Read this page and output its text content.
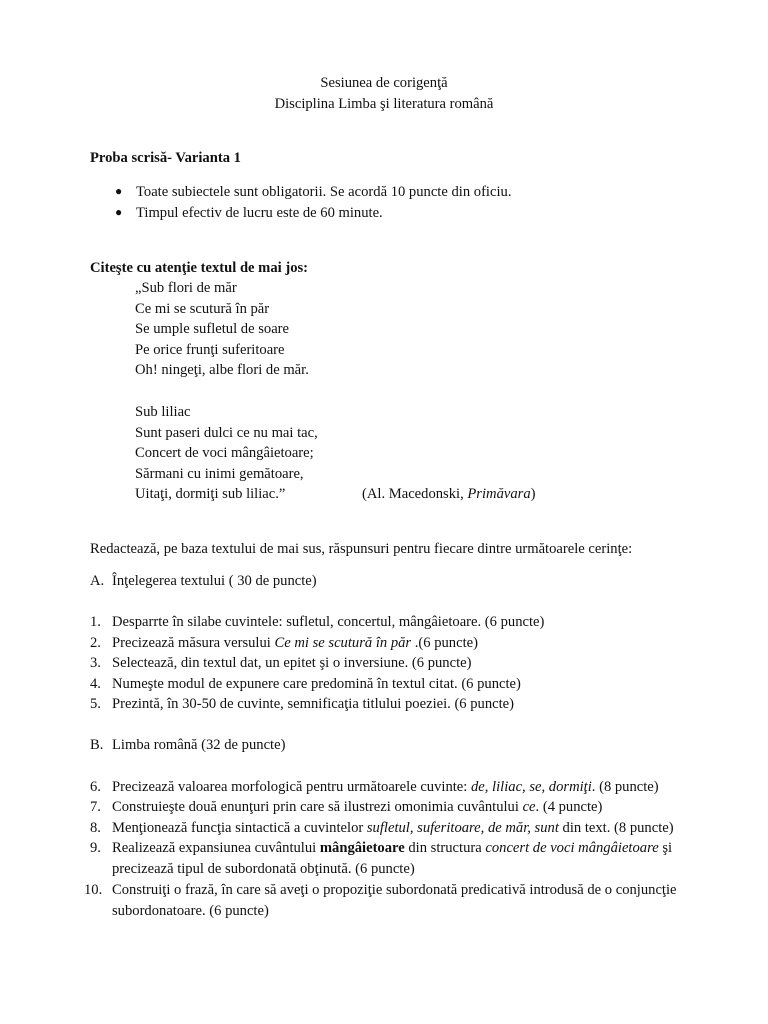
Sesiunea de corigenţă
Disciplina Limba şi literatura română
Proba scrisă- Varianta 1
● Toate subiectele sunt obligatorii. Se acordă 10 puncte din oficiu.
● Timpul efectiv de lucru este de 60 minute.
Citeşte cu atenţie textul de mai jos:
„Sub flori de măr
Ce mi se scutură în păr
Se umple sufletul de soare
Pe orice frunţi suferitoare
Oh! ningeţi, albe flori de măr.
Sub liliac
Sunt paseri dulci ce nu mai tac,
Concert de voci mângâietoare;
Sărmani cu inimi gemătoare,
Uitaţi, dormiţi sub liliac.”	(Al. Macedonski, Primăvara)
Redactează, pe baza textului de mai sus, răspunsuri pentru fiecare dintre următoarele cerinţe:
A. Înţelegerea textului ( 30 de puncte)
1. Desparrte în silabe cuvintele: sufletul, concertul, mângâietoare. (6 puncte)
2. Precizează măsura versului Ce mi se scutură în păr .(6 puncte)
3. Selectează, din textul dat, un epitet şi o inversiune. (6 puncte)
4. Numeşte modul de expunere care predomină în textul citat. (6 puncte)
5. Prezintă, în 30-50 de cuvinte, semnificaţia titlului poeziei. (6 puncte)
B. Limba română (32 de puncte)
6. Precizează valoarea morfologică pentru următoarele cuvinte: de, liliac, se, dormiţi. (8 puncte)
7. Construieşte două enunţuri prin care să ilustrezi omonimia cuvântului ce. (4 puncte)
8. Menţionează funcţia sintactică a cuvintelor sufletul, suferitoare, de măr, sunt din text. (8 puncte)
9. Realizează expansiunea cuvântului mângâietoare din structura concert de voci mângâietoare şi
precizează tipul de subordonată obţinută. (6 puncte)
10. Construiţi o frază, în care să aveţi o propoziţie subordonată predicativă introdusă de o conjuncţie
subordonatoare. (6 puncte)
